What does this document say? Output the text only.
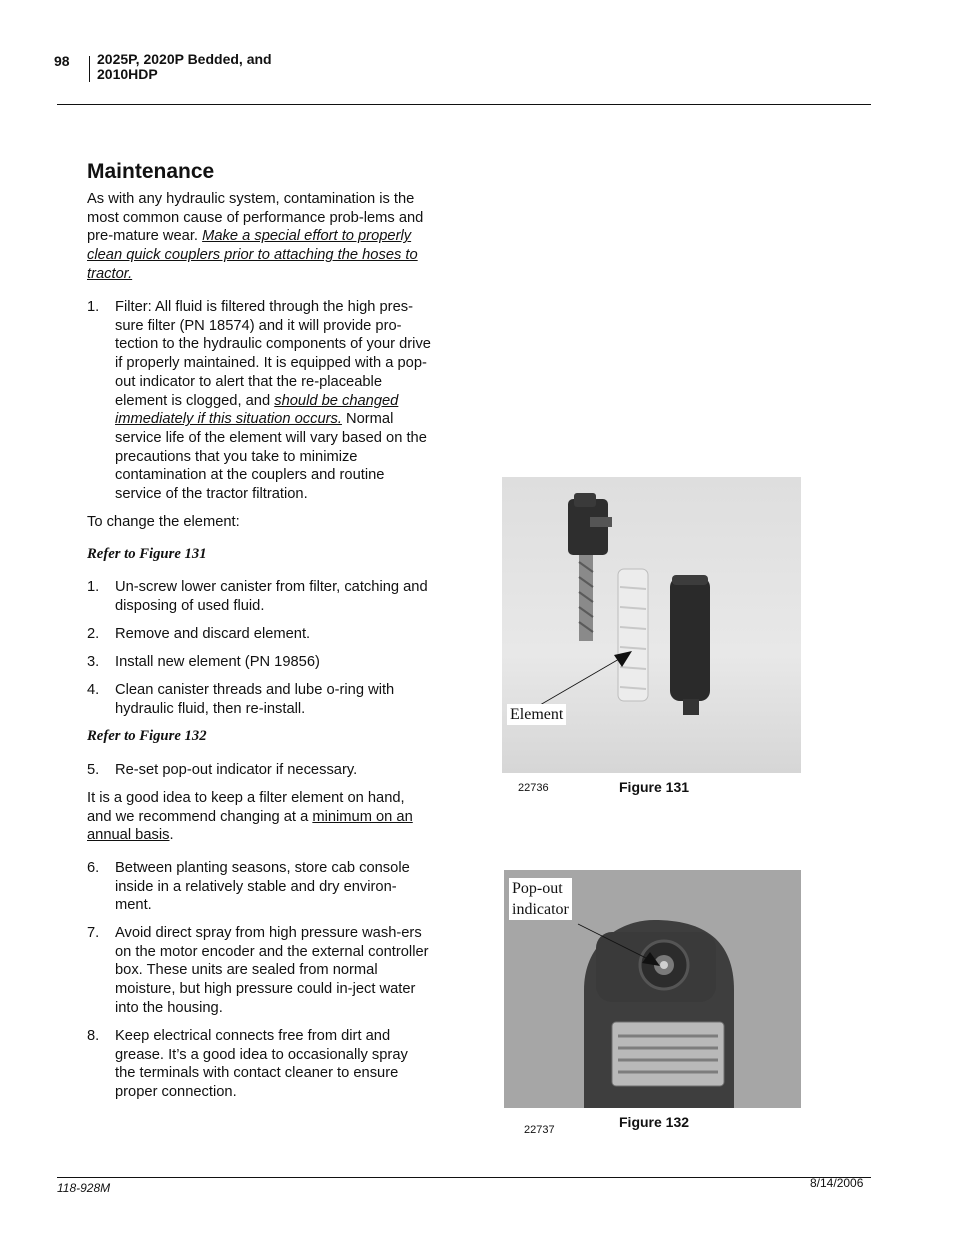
98 2025P, 2020P Bedded, and
2010HDP
Maintenance

As with any hydraulic system, contamination is the most common cause of performance prob-lems and pre-mature wear. Make a special effort to properly clean quick couplers prior to attaching the hoses to tractor.

1.	Filter: All fluid is filtered through the high pres-sure filter (PN 18574) and it will provide pro-tection to the hydraulic components of your drive if properly maintained. It is equipped with a pop-out indicator to alert that the re-placeable element is clogged, and should be changed immediately if this situation occurs. Normal service life of the element will vary based on the precautions that you take to minimize contamination at the couplers and routine service of the tractor filtration.

To change the element:

Refer to Figure 131
1.	Un-screw lower canister from filter, catching and disposing of used fluid.
2.	Remove and discard element.
3.	Install new element (PN 19856)
4.	Clean canister threads and lube o-ring with hydraulic fluid, then re-install.
Refer to Figure 132
5.	Re-set pop-out indicator if necessary.

It is a good idea to keep a filter element on hand, and we recommend changing at a minimum on an annual basis.

6.	Between planting seasons, store cab console inside in a relatively stable and dry environ-ment.
7.	Avoid direct spray from high pressure wash-ers on the motor encoder and the external controller box. These units are sealed from normal moisture, but high pressure could in-ject water into the housing.
8.	Keep electrical connects free from dirt and grease. It’s a good idea to occasionally spray the terminals with contact cleaner to ensure proper connection.
Element
22736	Figure 131
Pop-out
indicator
22737	Figure 132
118-928M	8/14/2006
